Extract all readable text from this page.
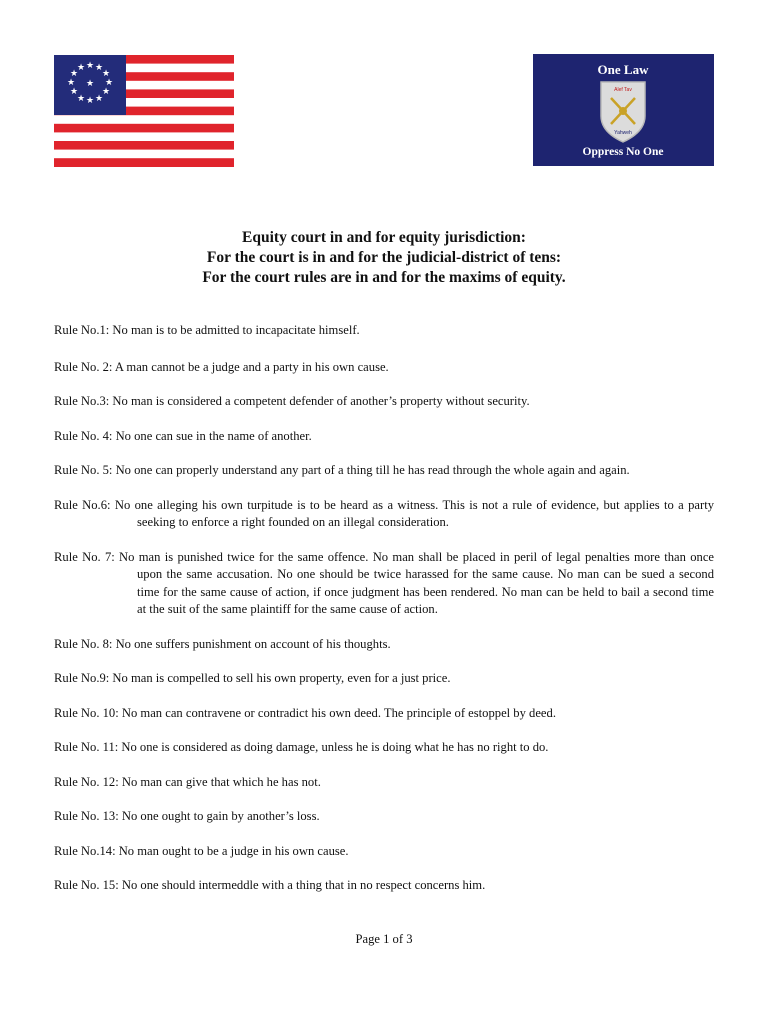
★ ★
★
★
★
★
★
★
★
★
★
★
★
One Law
Alef Tav
Yahweh
Oppress No One
Equity court in and for equity jurisdiction:
For the court is in and for the judicial-district of tens:
For the court rules are in and for the maxims of equity.

Rule No.1: No man is to be admitted to incapacitate himself.

Rule No. 2: A man cannot be a judge and a party in his own cause.

Rule No.3: No man is considered a competent defender of another’s property without security.

Rule No. 4: No one can sue in the name of another.

Rule No. 5: No one can properly understand any part of a thing till he has read through the whole again and again.

Rule No.6: No one alleging his own turpitude is to be heard as a witness. This is not a rule of evidence, but applies to a party seeking to enforce a right founded on an illegal consideration.

Rule No. 7: No man is punished twice for the same offence. No man shall be placed in peril of legal penalties more than once upon the same accusation. No one should be twice harassed for the same cause. No man can be sued a second time for the same cause of action, if once judgment has been rendered. No man can be held to bail a second time at the suit of the same plaintiff for the same cause of action.

Rule No. 8: No one suffers punishment on account of his thoughts.

Rule No.9: No man is compelled to sell his own property, even for a just price.

Rule No. 10: No man can contravene or contradict his own deed. The principle of estoppel by deed.

Rule No. 11: No one is considered as doing damage, unless he is doing what he has no right to do.

Rule No. 12: No man can give that which he has not.

Rule No. 13: No one ought to gain by another’s loss.

Rule No.14: No man ought to be a judge in his own cause.

Rule No. 15: No one should intermeddle with a thing that in no respect concerns him.

Page 1 of 3
